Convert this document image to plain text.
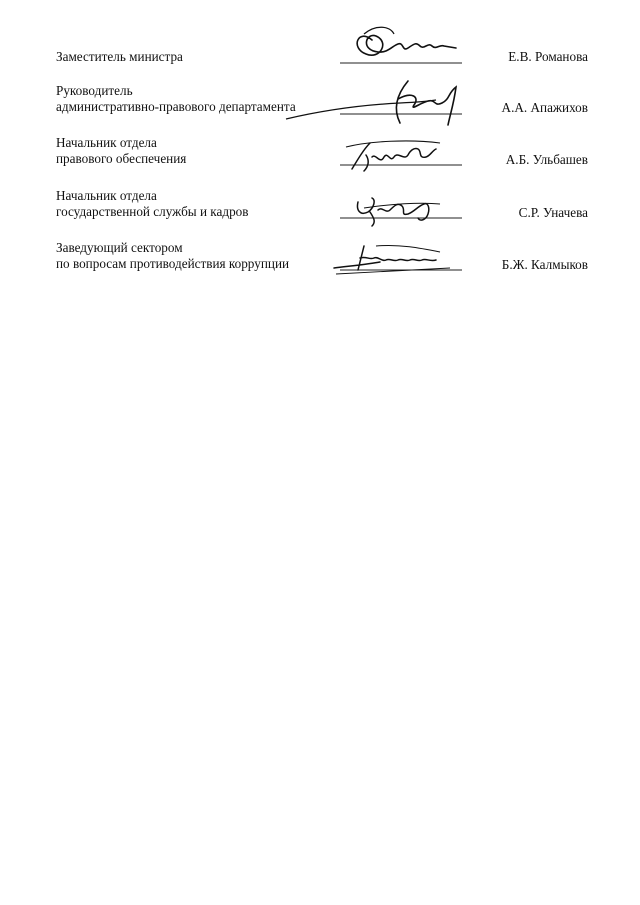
Заместитель министра	Е.В. Романова
Руководитель
административно-правового департамента	А.А. Апажихов
Начальник отдела
правового обеспечения	А.Б. Ульбашев
Начальник отдела
государственной службы и кадров	С.Р. Уначева
Заведующий сектором
по вопросам противодействия коррупции	Б.Ж. Калмыков
